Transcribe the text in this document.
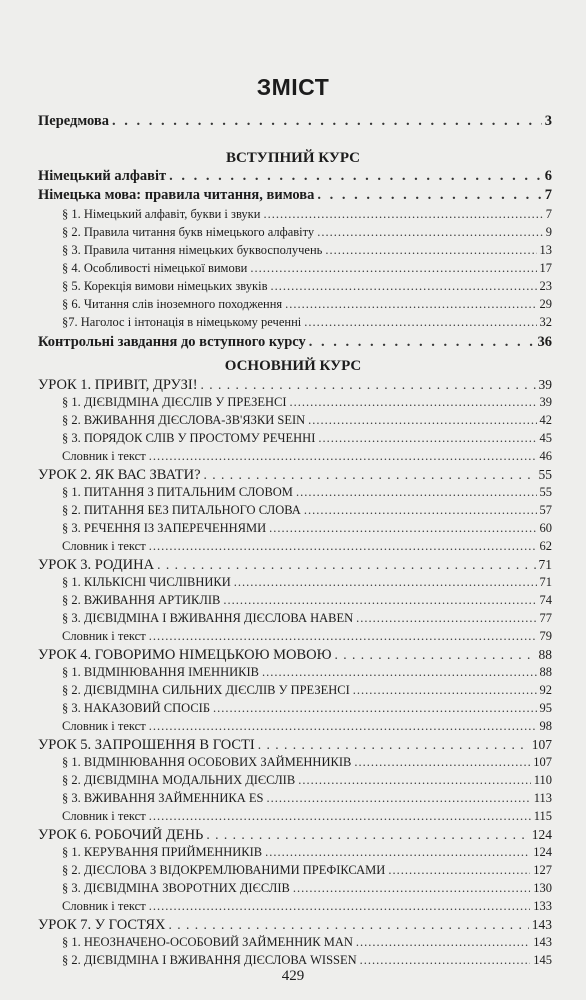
ЗМІСТ
Передмова . . .	3
ВСТУПНИЙ КУРС
Німецький алфавіт . . .	6
Німецька мова: правила читання, вимова . . .	7
§ 1. Німецький алфавіт, букви і звуки .....	7
§ 2. Правила читання букв німецького алфавіту .....	9
§ 3. Правила читання німецьких буквосполучень .....	13
§ 4. Особливості німецької вимови .....	17
§ 5. Корекція вимови німецьких звуків .....	23
§ 6. Читання слів іноземного походження .....	29
§7. Наголос і інтонація в німецькому реченні .....	32
Контрольні завдання до вступного курсу . . .	36
ОСНОВНИЙ КУРС
УРОК 1. ПРИВІТ, ДРУЗІ! . . .	39
§ 1. ДІЄВІДМІНА ДІЄСЛІВ У ПРЕЗЕНСІ .....	39
§ 2. ВЖИВАННЯ ДІЄСЛОВА-ЗВ'ЯЗКИ SEIN .....	42
§ 3. ПОРЯДОК СЛІВ У ПРОСТОМУ РЕЧЕННІ .....	45
Словник і текст .....	46
УРОК 2. ЯК ВАС ЗВАТИ? . . .	55
§ 1. ПИТАННЯ З ПИТАЛЬНИМ СЛОВОМ .....	55
§ 2. ПИТАННЯ БЕЗ ПИТАЛЬНОГО СЛОВА .....	57
§ 3. РЕЧЕННЯ ІЗ ЗАПЕРЕЧЕННЯМИ .....	60
Словник і текст .....	62
УРОК 3. РОДИНА . . .	71
§ 1. КІЛЬКІСНІ ЧИСЛІВНИКИ .....	71
§ 2. ВЖИВАННЯ АРТИКЛІВ .....	74
§ 3. ДІЄВІДМІНА І ВЖИВАННЯ ДІЄСЛОВА HABEN .....	77
Словник і текст .....	79
УРОК 4. ГОВОРИМО НІМЕЦЬКОЮ МОВОЮ . . .	88
§ 1. ВІДМІНЮВАННЯ ІМЕННИКІВ .....	88
§ 2. ДІЄВІДМІНА СИЛЬНИХ ДІЄСЛІВ У ПРЕЗЕНСІ .....	92
§ 3. НАКАЗОВИЙ СПОСІБ .....	95
Словник і текст .....	98
УРОК 5. ЗАПРОШЕННЯ В ГОСТІ . . .	107
§ 1. ВІДМІНЮВАННЯ ОСОБОВИХ ЗАЙМЕННИКІВ .....	107
§ 2. ДІЄВІДМІНА МОДАЛЬНИХ ДІЄСЛІВ .....	110
§ 3. ВЖИВАННЯ ЗАЙМЕННИКА ES .....	113
Словник і текст .....	115
УРОК 6. РОБОЧИЙ ДЕНЬ . . .	124
§ 1. КЕРУВАННЯ ПРИЙМЕННИКІВ .....	124
§ 2. ДІЄСЛОВА З ВІДОКРЕМЛЮВАНИМИ ПРЕФІКСАМИ .....	127
§ 3. ДІЄВІДМІНА ЗВОРОТНИХ ДІЄСЛІВ .....	130
Словник і текст .....	133
УРОК 7. У ГОСТЯХ . . .	143
§ 1. НЕОЗНАЧЕНО-ОСОБОВИЙ ЗАЙМЕННИК MAN .....	143
§ 2. ДІЄВІДМІНА І ВЖИВАННЯ ДІЄСЛОВА WISSEN .....	145
429
